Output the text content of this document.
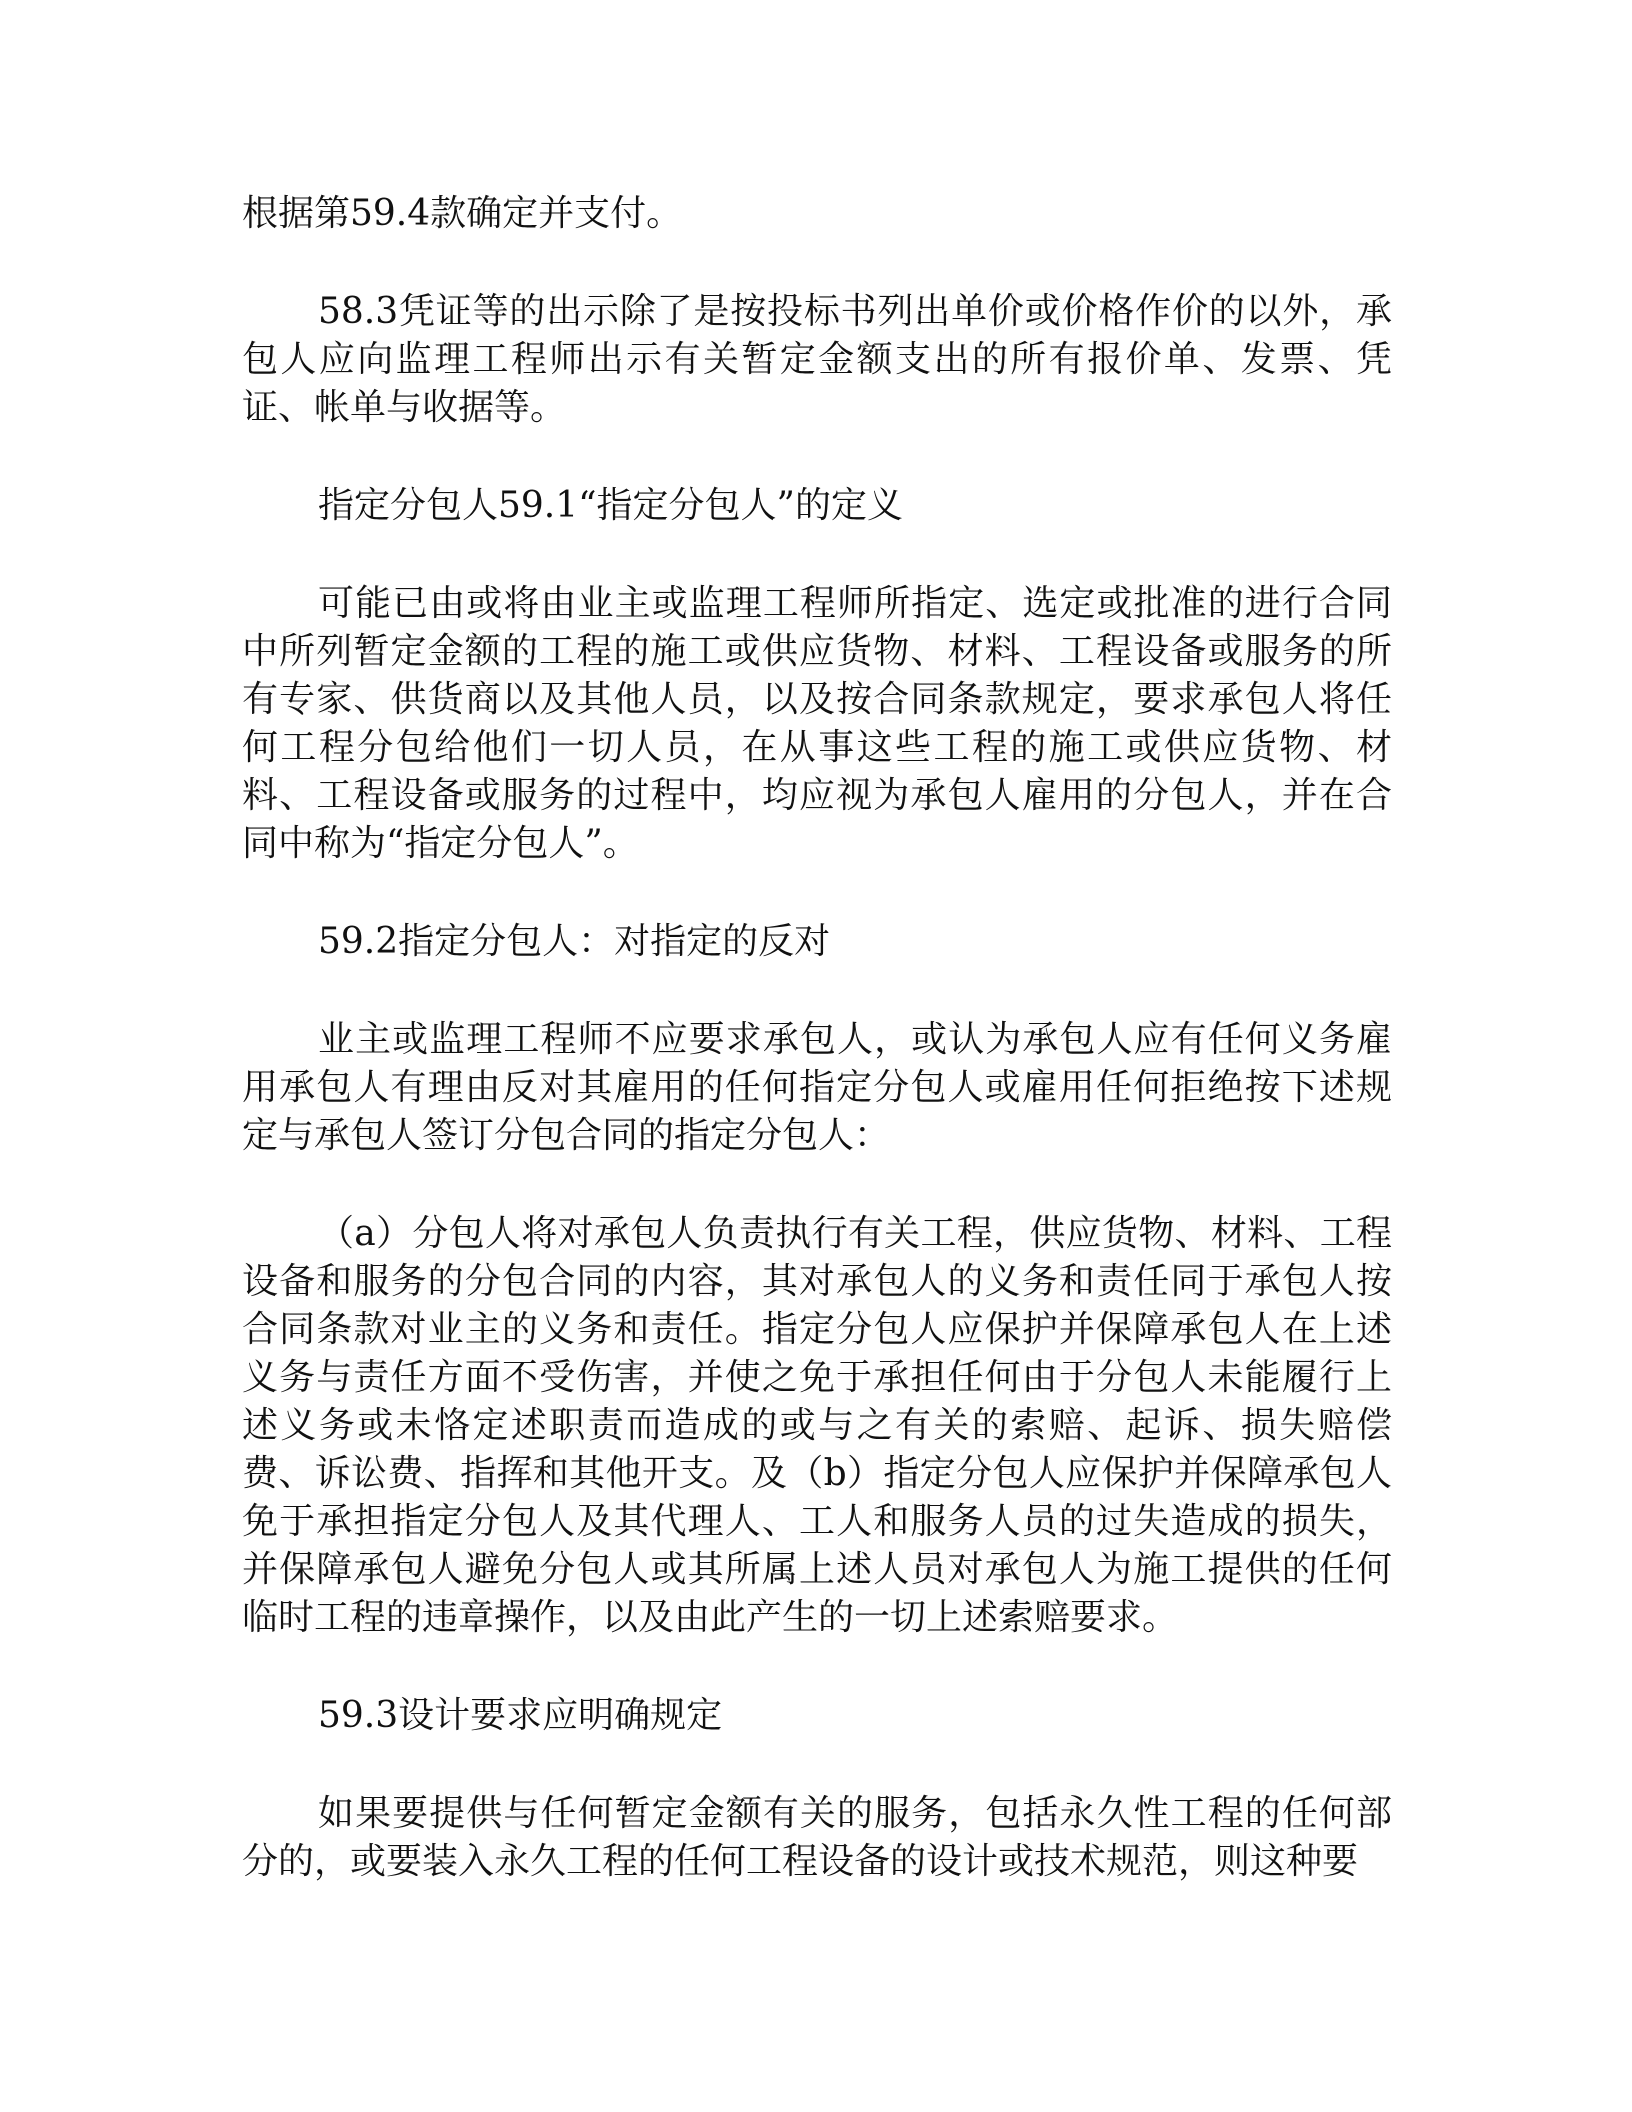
根据第59.4款确定并支付。

58.3凭证等的出示除了是按投标书列出单价或价格作价的以外，承包人应向监理工程师出示有关暂定金额支出的所有报价单、发票、凭证、帐单与收据等。

指定分包人59.1“指定分包人”的定义

可能已由或将由业主或监理工程师所指定、选定或批准的进行合同中所列暂定金额的工程的施工或供应货物、材料、工程设备或服务的所有专家、供货商以及其他人员，以及按合同条款规定，要求承包人将任何工程分包给他们一切人员，在从事这些工程的施工或供应货物、材料、工程设备或服务的过程中，均应视为承包人雇用的分包人，并在合同中称为“指定分包人”。

59.2指定分包人：对指定的反对

业主或监理工程师不应要求承包人，或认为承包人应有任何义务雇用承包人有理由反对其雇用的任何指定分包人或雇用任何拒绝按下述规定与承包人签订分包合同的指定分包人：

（a）分包人将对承包人负责执行有关工程，供应货物、材料、工程设备和服务的分包合同的内容，其对承包人的义务和责任同于承包人按合同条款对业主的义务和责任。指定分包人应保护并保障承包人在上述义务与责任方面不受伤害，并使之免于承担任何由于分包人未能履行上述义务或未恪定述职责而造成的或与之有关的索赔、起诉、损失赔偿费、诉讼费、指挥和其他开支。及（b）指定分包人应保护并保障承包人免于承担指定分包人及其代理人、工人和服务人员的过失造成的损失，并保障承包人避免分包人或其所属上述人员对承包人为施工提供的任何临时工程的违章操作，以及由此产生的一切上述索赔要求。

59.3设计要求应明确规定

如果要提供与任何暂定金额有关的服务，包括永久性工程的任何部分的，或要装入永久工程的任何工程设备的设计或技术规范，则这种要
